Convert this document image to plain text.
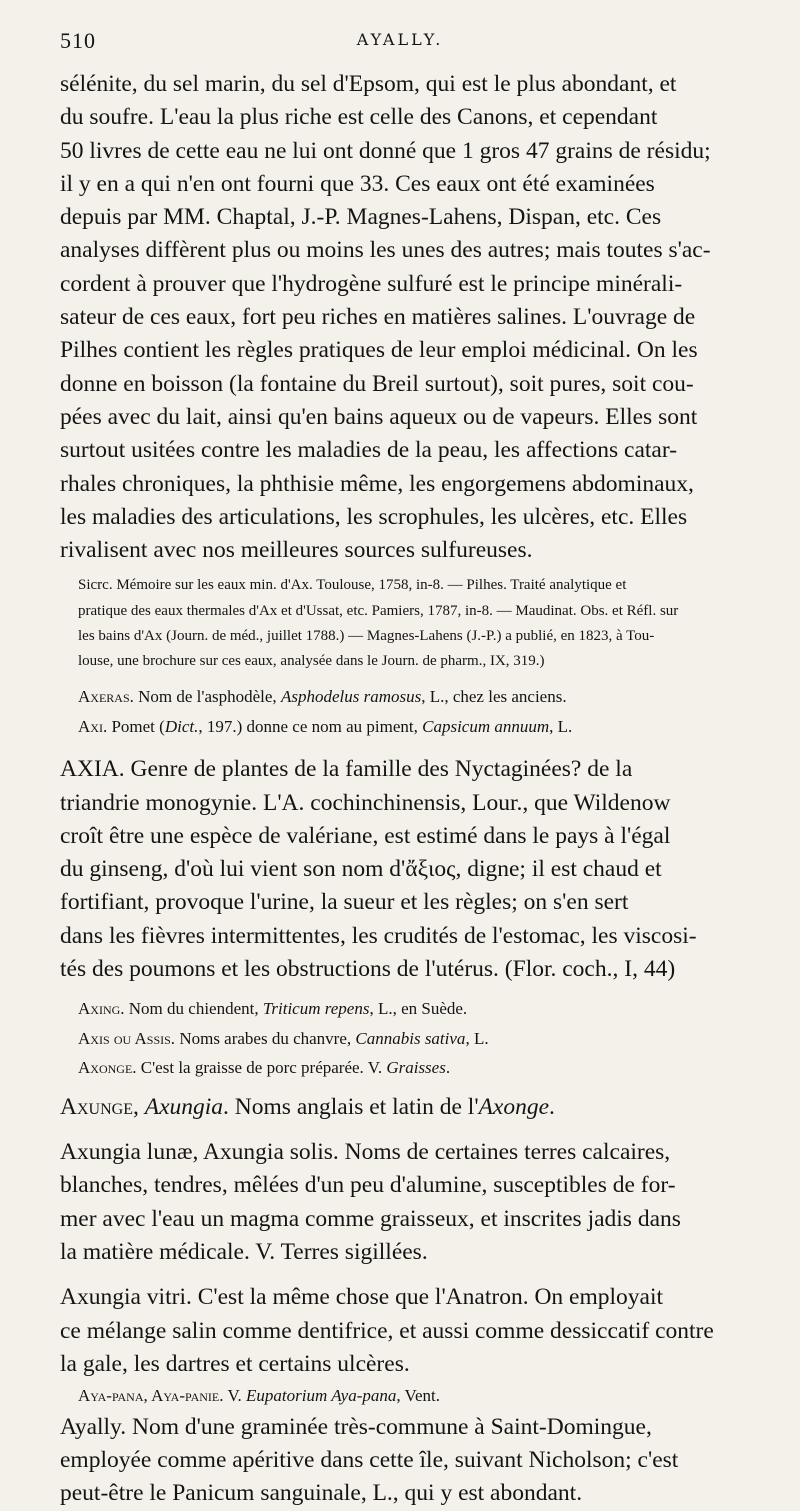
510	AYALLY.

sélénite, du sel marin, du sel d'Epsom, qui est le plus abondant, et
du soufre. L'eau la plus riche est celle des Canons, et cependant
50 livres de cette eau ne lui ont donné que 1 gros 47 grains de résidu;
il y en a qui n'en ont fourni que 33. Ces eaux ont été examinées
depuis par MM. Chaptal, J.-P. Magnes-Lahens, Dispan, etc. Ces
analyses diffèrent plus ou moins les unes des autres; mais toutes s'ac-
cordent à prouver que l'hydrogène sulfuré est le principe minérali-
sateur de ces eaux, fort peu riches en matières salines. L'ouvrage de
Pilhes contient les règles pratiques de leur emploi médicinal. On les
donne en boisson (la fontaine du Breil surtout), soit pures, soit cou-
pées avec du lait, ainsi qu'en bains aqueux ou de vapeurs. Elles sont
surtout usitées contre les maladies de la peau, les affections catar-
rhales chroniques, la phthisie même, les engorgemens abdominaux,
les maladies des articulations, les scrophules, les ulcères, etc. Elles
rivalisent avec nos meilleures sources sulfureuses.

Sicrc. Mémoire sur les eaux min. d'Ax. Toulouse, 1758, in-8. — Pilhes. Traité analytique et
pratique des eaux thermales d'Ax et d'Ussat, etc. Pamiers, 1787, in-8. — Maudinat. Obs. et Réfl. sur
les bains d'Ax (Journ. de méd., juillet 1788.) — Magnes-Lahens (J.-P.) a publié, en 1823, à Tou-
louse, une brochure sur ces eaux, analysée dans le Journ. de pharm., IX, 319.)

Axeras. Nom de l'asphodèle, Asphodelus ramosus, L., chez les anciens.

Axi. Pomet (Dict., 197.) donne ce nom au piment, Capsicum annuum, L.

AXIA. Genre de plantes de la famille des Nyctaginées? de la
triandrie monogynie. L'A. cochinchinensis, Lour., que Wildenow
croît être une espèce de valériane, est estimé dans le pays à l'égal
du ginseng, d'où lui vient son nom d'ἄξιος, digne; il est chaud et
fortifiant, provoque l'urine, la sueur et les règles; on s'en sert
dans les fièvres intermittentes, les crudités de l'estomac, les viscosi-
tés des poumons et les obstructions de l'utérus. (Flor. coch., I, 44)

Axing. Nom du chiendent, Triticum repens, L., en Suède.

Axis ou Assis. Noms arabes du chanvre, Cannabis sativa, L.

Axonge. C'est la graisse de porc préparée. V. Graisses.

Axunge, Axungia. Noms anglais et latin de l'Axonge.

Axungia lunæ, Axungia solis. Noms de certaines terres calcaires,
blanches, tendres, mêlées d'un peu d'alumine, susceptibles de for-
mer avec l'eau un magma comme graisseux, et inscrites jadis dans
la matière médicale. V. Terres sigillées.

Axungia vitri. C'est la même chose que l'Anatron. On employait
ce mélange salin comme dentifrice, et aussi comme dessiccatif contre
la gale, les dartres et certains ulcères.

Aya-pana, Aya-panie. V. Eupatorium Aya-pana, Vent.

Ayally. Nom d'une graminée très-commune à Saint-Domingue,
employée comme apéritive dans cette île, suivant Nicholson; c'est
peut-être le Panicum sanguinale, L., qui y est abondant.
